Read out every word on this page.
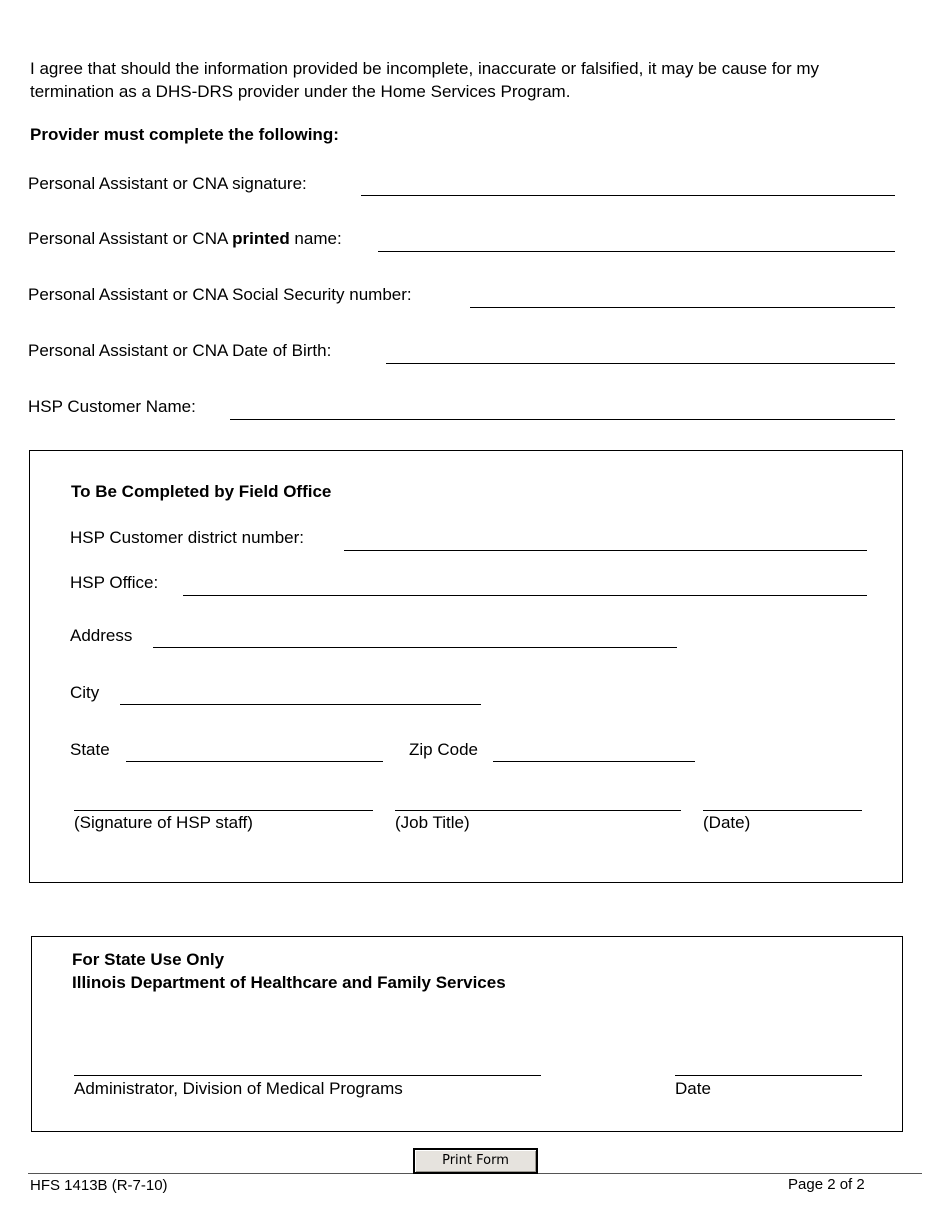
I agree that should the information provided be incomplete, inaccurate or falsified, it may be cause for my
termination as a DHS-DRS provider under the Home Services Program.
Provider must complete the following:
Personal Assistant or CNA signature:
Personal Assistant or CNA printed name:
Personal Assistant or CNA Social Security number:
Personal Assistant or CNA Date of Birth:
HSP Customer Name:
To Be Completed by Field Office
HSP Customer district number:
HSP Office:
Address
City
State	Zip Code
(Signature of HSP staff)	(Job Title)	(Date)
For State Use Only
Illinois Department of Healthcare and Family Services
Administrator, Division of Medical Programs	Date
Print Form
HFS 1413B (R-7-10)	Page 2 of 2
